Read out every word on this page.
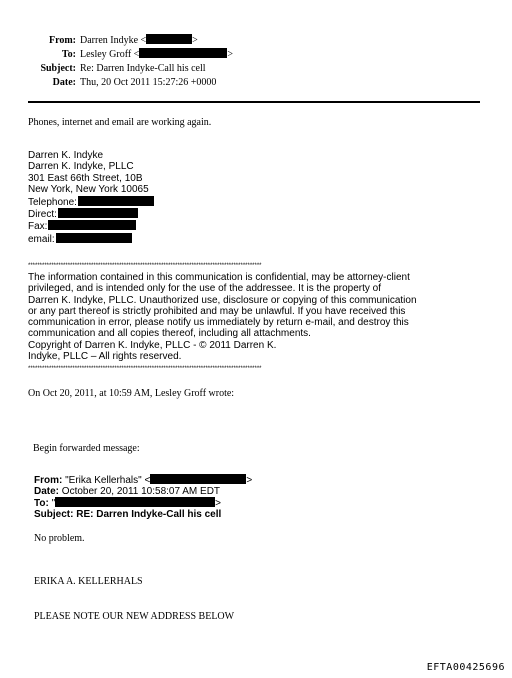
From: Darren Indyke <	>
To: Lesley Groff <	>
Subject: Re: Darren Indyke-Call his cell
Date: Thu, 20 Oct 2011 15:27:26 +0000
Phones, internet and email are working again.
Darren K. Indyke
Darren K. Indyke, PLLC
301 East 66th Street, 10B
New York, New York 10065
Telephone:
Direct:
Fax:
email:
****************************************************************************************************
The information contained in this communication is confidential, may be attorney-client
privileged, and is intended only for the use of the addressee. It is the property of
Darren K. Indyke, PLLC. Unauthorized use, disclosure or copying of this communication
or any part thereof is strictly prohibited and may be unlawful. If you have received this
communication in error, please notify us immediately by return e-mail, and destroy this
communication and all copies thereof, including all attachments.
Copyright of Darren K. Indyke, PLLC - © 2011 Darren K.
Indyke, PLLC – All rights reserved.
****************************************************************************************************
On Oct 20, 2011, at 10:59 AM, Lesley Groff wrote:
Begin forwarded message:
From: "Erika Kellerhals" <	>
Date: October 20, 2011 10:58:07 AM EDT
To: "	>
Subject: RE: Darren Indyke-Call his cell
No problem.
ERIKA A. KELLERHALS
PLEASE NOTE OUR NEW ADDRESS BELOW
EFTA00425696
